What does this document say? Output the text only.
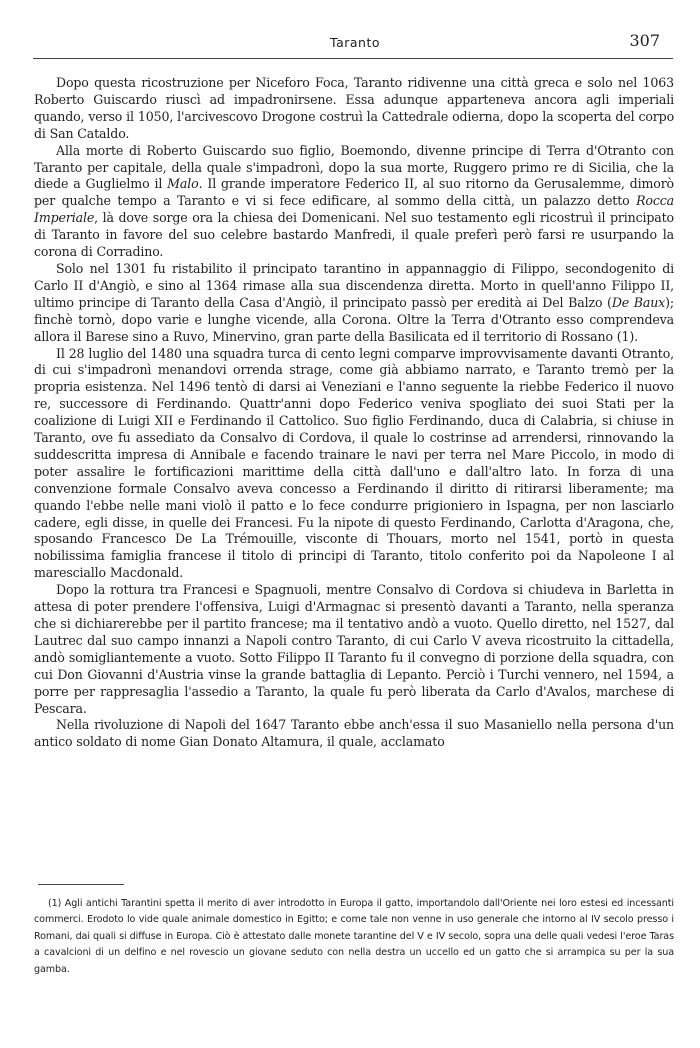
Taranto	307

Dopo questa ricostruzione per Niceforo Foca, Taranto ridivenne una città greca e solo nel 1063 Roberto Guiscardo riuscì ad impadronirsene. Essa adunque apparteneva ancora agli imperiali quando, verso il 1050, l'arcivescovo Drogone costruì la Cattedrale odierna, dopo la scoperta del corpo di San Cataldo.

Alla morte di Roberto Guiscardo suo figlio, Boemondo, divenne principe di Terra d'Otranto con Taranto per capitale, della quale s'impadronì, dopo la sua morte, Ruggero primo re di Sicilia, che la diede a Guglielmo il Malo. Il grande imperatore Federico II, al suo ritorno da Gerusalemme, dimorò per qualche tempo a Taranto e vi si fece edificare, al sommo della città, un palazzo detto Rocca Imperiale, là dove sorge ora la chiesa dei Domenicani. Nel suo testamento egli ricostruì il principato di Taranto in favore del suo celebre bastardo Manfredi, il quale preferì però farsi re usurpando la corona di Corradino.

Solo nel 1301 fu ristabilito il principato tarantino in appannaggio di Filippo, secondogenito di Carlo II d'Angiò, e sino al 1364 rimase alla sua discendenza diretta. Morto in quell'anno Filippo II, ultimo principe di Taranto della Casa d'Angiò, il principato passò per eredità ai Del Balzo (De Baux); finchè tornò, dopo varie e lunghe vicende, alla Corona. Oltre la Terra d'Otranto esso comprendeva allora il Barese sino a Ruvo, Minervino, gran parte della Basilicata ed il territorio di Rossano (1).

Il 28 luglio del 1480 una squadra turca di cento legni comparve improvvisamente davanti Otranto, di cui s'impadronì menandovi orrenda strage, come già abbiamo narrato, e Taranto tremò per la propria esistenza. Nel 1496 tentò di darsi ai Veneziani e l'anno seguente la riebbe Federico il nuovo re, successore di Ferdinando. Quattr'anni dopo Federico veniva spogliato dei suoi Stati per la coalizione di Luigi XII e Ferdinando il Cattolico. Suo figlio Ferdinando, duca di Calabria, si chiuse in Taranto, ove fu assediato da Consalvo di Cordova, il quale lo costrinse ad arrendersi, rinnovando la suddescritta impresa di Annibale e facendo trainare le navi per terra nel Mare Piccolo, in modo di poter assalire le fortificazioni marittime della città dall'uno e dall'altro lato. In forza di una convenzione formale Consalvo aveva concesso a Ferdinando il diritto di ritirarsi liberamente; ma quando l'ebbe nelle mani violò il patto e lo fece condurre prigioniero in Ispagna, per non lasciarlo cadere, egli disse, in quelle dei Francesi. Fu la nipote di questo Ferdinando, Carlotta d'Aragona, che, sposando Francesco De La Trémouille, visconte di Thouars, morto nel 1541, portò in questa nobilissima famiglia francese il titolo di principi di Taranto, titolo conferito poi da Napoleone I al maresciallo Macdonald.

Dopo la rottura tra Francesi e Spagnuoli, mentre Consalvo di Cordova si chiudeva in Barletta in attesa di poter prendere l'offensiva, Luigi d'Armagnac si presentò davanti a Taranto, nella speranza che si dichiarerebbe per il partito francese; ma il tentativo andò a vuoto. Quello diretto, nel 1527, dal Lautrec dal suo campo innanzi a Napoli contro Taranto, di cui Carlo V aveva ricostruito la cittadella, andò somigliantemente a vuoto. Sotto Filippo II Taranto fu il convegno di porzione della squadra, con cui Don Giovanni d'Austria vinse la grande battaglia di Lepanto. Perciò i Turchi vennero, nel 1594, a porre per rappresaglia l'assedio a Taranto, la quale fu però liberata da Carlo d'Avalos, marchese di Pescara.

Nella rivoluzione di Napoli del 1647 Taranto ebbe anch'essa il suo Masaniello nella persona d'un antico soldato di nome Gian Donato Altamura, il quale, acclamato

(1) Agli antichi Tarantini spetta il merito di aver introdotto in Europa il gatto, importandolo dall'Oriente nei loro estesi ed incessanti commerci. Erodoto lo vide quale animale domestico in Egitto; e come tale non venne in uso generale che intorno al IV secolo presso i Romani, dai quali si diffuse in Europa. Ciò è attestato dalle monete tarantine del V e IV secolo, sopra una delle quali vedesi l'eroe Taras a cavalcioni di un delfino e nel rovescio un giovane seduto con nella destra un uccello ed un gatto che si arrampica su per la sua gamba.
